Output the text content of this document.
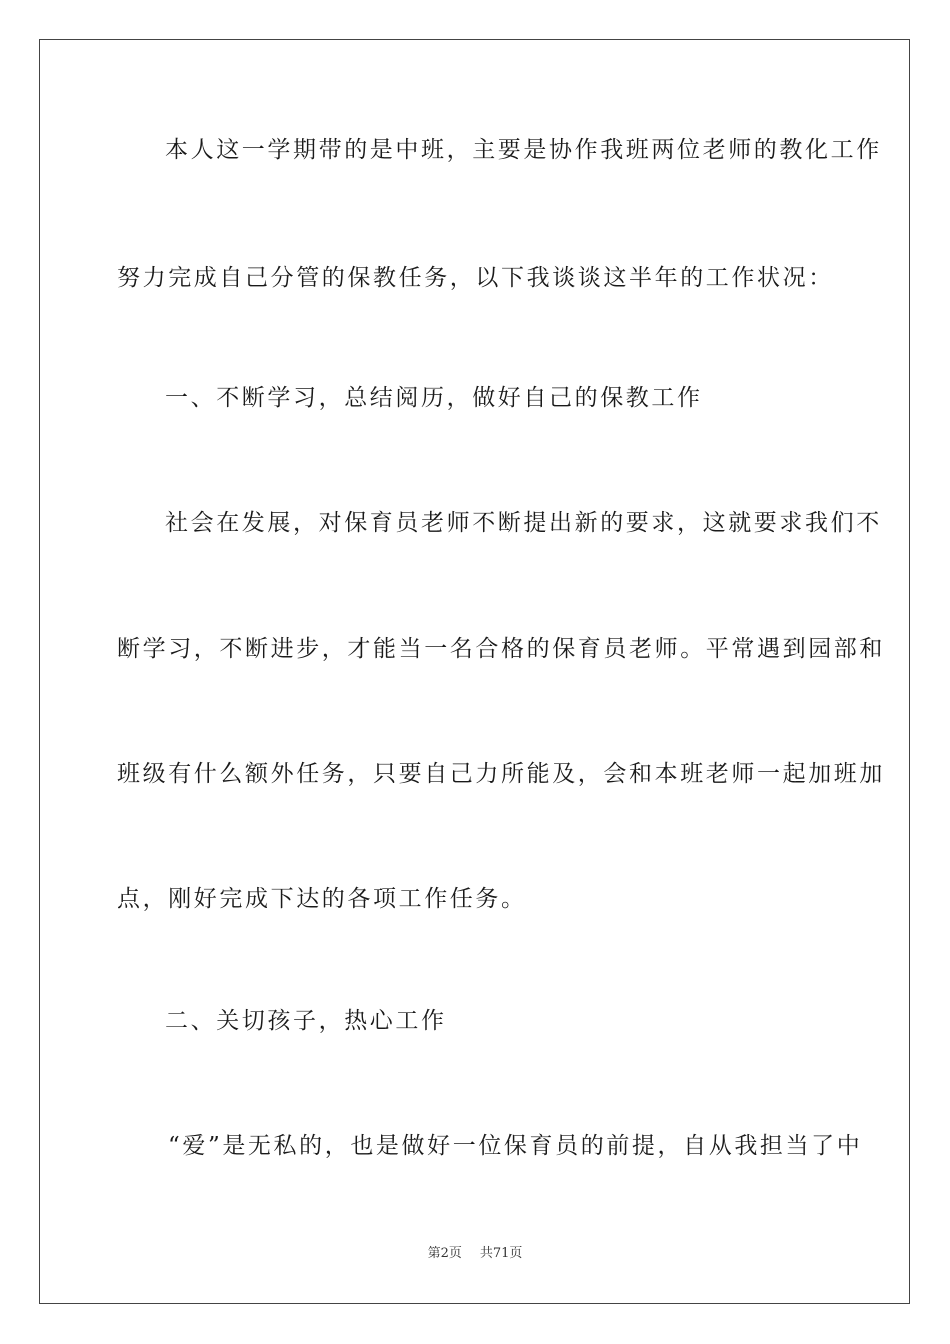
本人这一学期带的是中班，主要是协作我班两位老师的教化工作
努力完成自己分管的保教任务，以下我谈谈这半年的工作状况：
一、不断学习，总结阅历，做好自己的保教工作
社会在发展，对保育员老师不断提出新的要求，这就要求我们不
断学习，不断进步，才能当一名合格的保育员老师。平常遇到园部和
班级有什么额外任务，只要自己力所能及，会和本班老师一起加班加
点，刚好完成下达的各项工作任务。
二、关切孩子，热心工作
“爱”是无私的，也是做好一位保育员的前提，自从我担当了中
第2页 共71页
